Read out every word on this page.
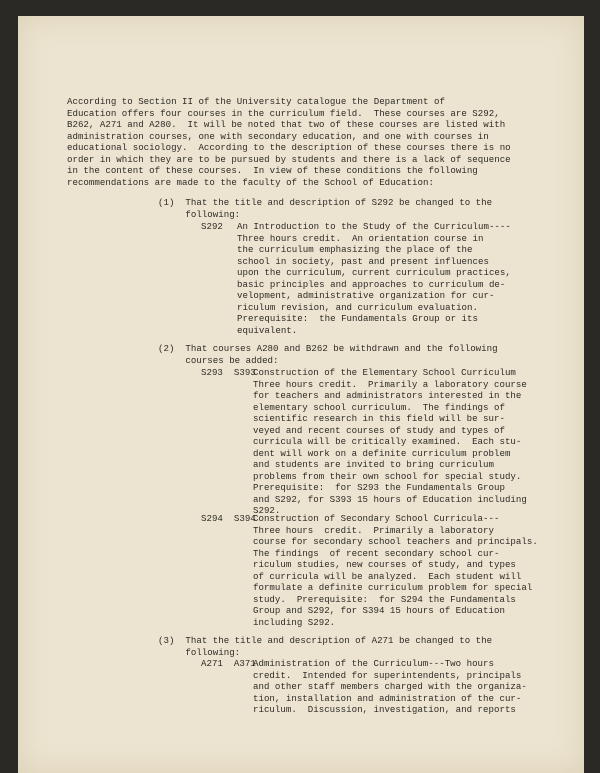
According to Section II of the University catalogue the Department of
Education offers four courses in the curriculum field.  These courses are S292,
B262, A271 and A280.  It will be noted that two of these courses are listed with
administration courses, one with secondary education, and one with courses in
educational sociology.  According to the description of these courses there is no
order in which they are to be pursued by students and there is a lack of sequence
in the content of these courses.  In view of these conditions the following
recommendations are made to the faculty of the School of Education:
(1)  That the title and description of S292 be changed to the
following:
S292 An Introduction to the Study of the Curriculum----
Three hours credit.  An orientation course in
the curriculum emphasizing the place of the
school in society, past and present influences
upon the curriculum, current curriculum practices,
basic principles and approaches to curriculum de-
velopment, administrative organization for cur-
riculum revision, and curriculum evaluation.
Prerequisite:  the Fundamentals Group or its
equivalent.
(2)  That courses A280 and B262 be withdrawn and the following
courses be added:
S293  S393
Construction of the Elementary School Curriculum
Three hours credit.  Primarily a laboratory course
for teachers and administrators interested in the
elementary school curriculum.  The findings of
scientific research in this field will be sur-
veyed and recent courses of study and types of
curricula will be critically examined.  Each stu-
dent will work on a definite curriculum problem
and students are invited to bring curriculum
problems from their own school for special study.
Prerequisite:  for S293 the Fundamentals Group
and S292, for S393 15 hours of Education including
S292.
S294  S394
Construction of Secondary School Curricula---
Three hours  credit.  Primarily a laboratory
course for secondary school teachers and principals.
The findings  of recent secondary school cur-
riculum studies, new courses of study, and types
of curricula will be analyzed.  Each student will
formulate a definite curriculum problem for special
study.  Prerequisite:  for S294 the Fundamentals
Group and S292, for S394 15 hours of Education
including S292.
(3)  That the title and description of A271 be changed to the
following:
A271  A371
Administration of the Curriculum---Two hours
credit.  Intended for superintendents, principals
and other staff members charged with the organiza-
tion, installation and administration of the cur-
riculum.  Discussion, investigation, and reports
